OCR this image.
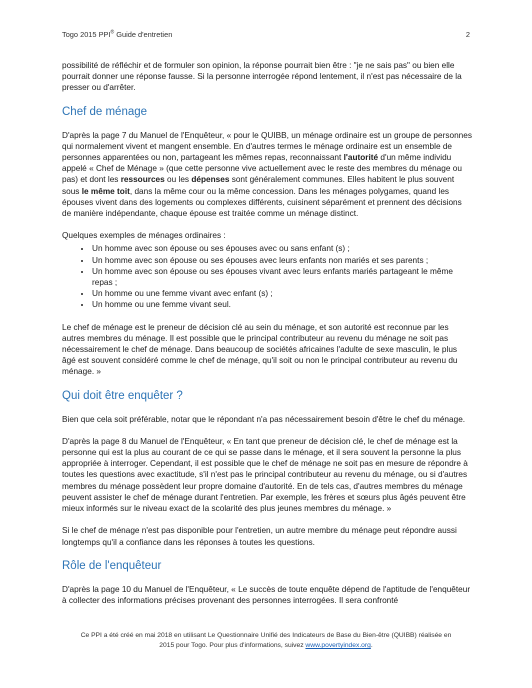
Togo 2015 PPI® Guide d'entretien	2

possibilité de réfléchir et de formuler son opinion, la réponse pourrait bien être : "je ne sais pas" ou bien elle pourrait donner une réponse fausse. Si la personne interrogée répond lentement, il n'est pas nécessaire de la presser ou d'arrêter.

Chef de ménage

D'après la page 7 du Manuel de l'Enquêteur, « pour le QUIBB, un ménage ordinaire est un groupe de personnes qui normalement vivent et mangent ensemble. En d'autres termes le ménage ordinaire est un ensemble de personnes apparentées ou non, partageant les mêmes repas, reconnaissant l'autorité d'un même individu appelé « Chef de Ménage » (que cette personne vive actuellement avec le reste des membres du ménage ou pas) et dont les ressources ou les dépenses sont généralement communes. Elles habitent le plus souvent sous le même toit, dans la même cour ou la même concession. Dans les ménages polygames, quand les épouses vivent dans des logements ou complexes différents, cuisinent séparément et prennent des décisions de manière indépendante, chaque épouse est traitée comme un ménage distinct.

Quelques exemples de ménages ordinaires :

• Un homme avec son épouse ou ses épouses avec ou sans enfant (s) ;
• Un homme avec son épouse ou ses épouses avec leurs enfants non mariés et ses parents ;
• Un homme avec son épouse ou ses épouses vivant avec leurs enfants mariés partageant le même repas ;
• Un homme ou une femme vivant avec enfant (s) ;
• Un homme ou une femme vivant seul.

Le chef de ménage est le preneur de décision clé au sein du ménage, et son autorité est reconnue par les autres membres du ménage. Il est possible que le principal contributeur au revenu du ménage ne soit pas nécessairement le chef de ménage. Dans beaucoup de sociétés africaines l'adulte de sexe masculin, le plus âgé est souvent considéré comme le chef de ménage, qu'il soit ou non le principal contributeur au revenu du ménage. »

Qui doit être enquêter ?

Bien que cela soit préférable, notar que le répondant n'a pas nécessairement besoin d'être le chef du ménage.

D'après la page 8 du Manuel de l'Enquêteur, « En tant que preneur de décision clé, le chef de ménage est la personne qui est la plus au courant de ce qui se passe dans le ménage, et il sera souvent la personne la plus appropriée à interroger. Cependant, il est possible que le chef de ménage ne soit pas en mesure de répondre à toutes les questions avec exactitude, s'il n'est pas le principal contributeur au revenu du ménage, ou si d'autres membres du ménage possèdent leur propre domaine d'autorité. En de tels cas, d'autres membres du ménage peuvent assister le chef de ménage durant l'entretien. Par exemple, les frères et sœurs plus âgés peuvent être mieux informés sur le niveau exact de la scolarité des plus jeunes membres du ménage. »

Si le chef de ménage n'est pas disponible pour l'entretien, un autre membre du ménage peut répondre aussi longtemps qu'il a confiance dans les réponses à toutes les questions.

Rôle de l'enquêteur

D'après la page 10 du Manuel de l'Enquêteur, « Le succès de toute enquête dépend de l'aptitude de l'enquêteur à collecter des informations précises provenant des personnes interrogées. Il sera confronté

Ce PPI a été créé en mai 2018 en utilisant Le Questionnaire Unifié des Indicateurs de Base du Bien-être (QUIBB) réalisée en
2015 pour Togo. Pour plus d'informations, suivez www.povertyindex.org.
